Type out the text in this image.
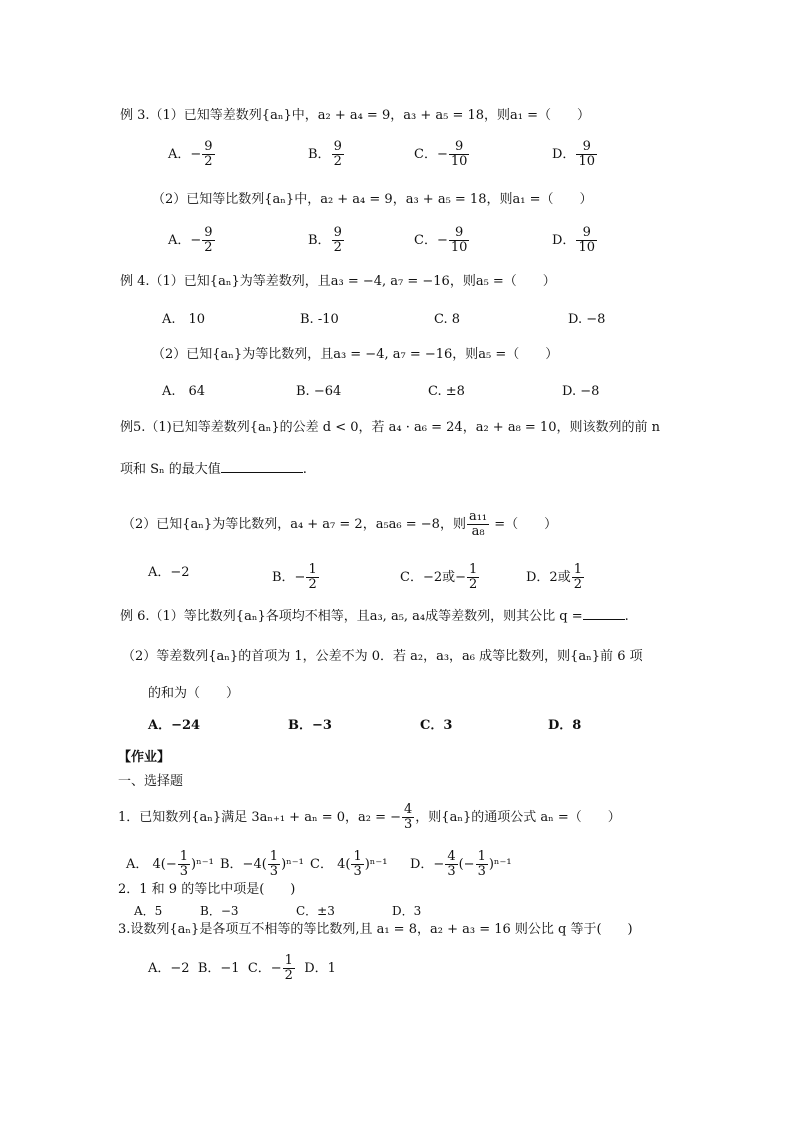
例 3.（1）已知等差数列{aₙ}中，a₂ + a₄ = 9，a₃ + a₅ = 18，则a₁ =（　　）
A．− $\frac{9}{2}$	B． $\frac{9}{2}$	C．− $\frac{9}{10}$	D． $\frac{9}{10}$
（2）已知等比数列{aₙ}中，a₂ + a₄ = 9，a₃ + a₅ = 18，则a₁ =（　　）
A．− $\frac{9}{2}$	B． $\frac{9}{2}$	C．− $\frac{9}{10}$	D． $\frac{9}{10}$
例 4.（1）已知{aₙ}为等差数列，且a₃ = −4, a₇ = −16，则a₅ =（　　）
A.　10	B. -10	C. 8	D. −8
（2）已知{aₙ}为等比数列，且a₃ = −4, a₇ = −16，则a₅ =（　　）
A.　64	B. −64	C. ±8	D. −8
例5.（1)已知等差数列{aₙ}的公差 d < 0，若 a₄ · a₆ = 24，a₂ + a₈ = 10，则该数列的前 n
项和 Sₙ 的最大值	.
（2）已知{aₙ}为等比数列，a₄ + a₇ = 2，a₅a₆ = −8，则 $\frac{\text{a₁₁}}{\text{a₈}}$ =（　　）
A．−2	B．− $\frac{1}{2}$	C．−2或− $\frac{1}{2}$	D．2或 $\frac{1}{2}$
例 6.（1）等比数列{aₙ}各项均不相等，且a₃, a₅, a₄成等差数列，则其公比 q =	.
（2）等差数列{aₙ}的首项为 1，公差不为 0．若 a₂，a₃，a₆ 成等比数列，则{aₙ}前 6 项
的和为（　　）
A．−24	B．−3	C．3	D．8
【作业】
一、选择题
1．已知数列{aₙ}满足 3aₙ₊₁ + aₙ = 0，a₂ = − $\frac{4}{3}$ ，则{aₙ}的通项公式 aₙ =（　　）
A． $4(- \frac{1}{3} )^{n-1}$ B．$-4( \frac{1}{3} )^{n-1}$ C． $4( \frac{1}{3} )^{n-1}$ D．− $\frac{4}{3}$ (− $\frac{1}{3} )^{n-1}$
2．1 和 9 的等比中项是(　　)
A．5	B．−3	C．±3	D．3
3.设数列{aₙ}是各项互不相等的等比数列,且 a₁ = 8，a₂ + a₃ = 16 则公比 q 等于(　　)
A．−2 B．−1 C．− $\frac{1}{2}$ D．1
